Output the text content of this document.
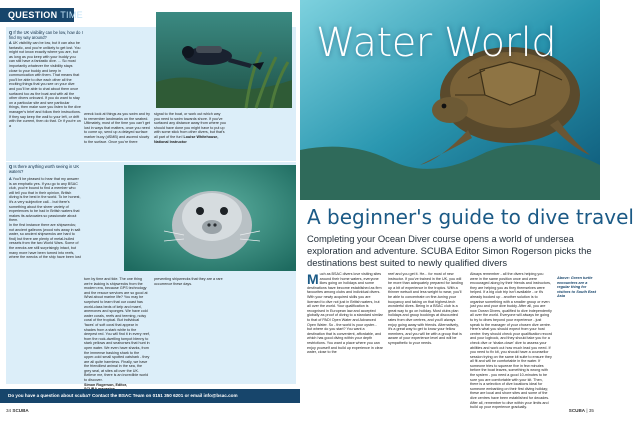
QUESTION TIME
Q If the UK visibility can be low, how do I find my way around?
A UK visibility can be low, but it can also be fantastic, and you're unlikely to get lost. You might not know exactly where you are, but as long as you keep with your buddy you can still have a fantastic dive. ... So most importantly whatever the visibility stays close to your buddy and keep in communication with them. That means that you'll be able to dive each other all the exciting things that you see on your dive and you'll be able to chat about them once surfaced too as the boat and with all the other divers onboard. If you do want to stay on a particular site and see particular things, then make sure you listen to the dive manager's brief and follow their instructions. If they say keep the wall to your left, or drift with the current, then do that. Or if you're on a
wreck look at things as you swim and try to remember landmarks on the seabed. Ultimately, most of the time you can't get lost in ways that matters, once you need to come up, send up a delayed surface marker buoy (dSMB) and ascend slowly to the surface. Once you're there
signal to the boat, or work out which way you need to swim towards shore. If you've surfaced any distance away from where you should have done you might have to put up with some stick from other divers, but that's all part of the fun! Louise Whitehouse, National Instructor
Q Is there anything worth seeing in UK waters?
A You'll be pleased to hear that my answer is an emphatic yes. If you go to any BSAC club, you're bound to find a member who will tell you that in their opinion, British diving is the best in the world. To be honest, it's a very subjective call... but there's something about the sheer variety of experiences to be had in British waters that makes its advocates so passionate about them.
In the first instance there are shipwrecks; not ancient galleons (wood rots away in salt water, so ancient shipwrecks are hard to find) but there are plenty of metal-hulled vessels from the two World Wars. Some of the wrecks are still surprisingly intact, but many more have been turned into reefs, where the wrecks of the ship have been lost
turn by time and tide. The one thing we're lacking is shipwrecks from the modern era, because GPS technology and the rescue services are so good at
What about marine life? You may be surprised to learn that our coast has world-class beds of kelp and maerl, anemones and sponges. We have cold water corals, reefs and teeming, noisy coral of the tropical. But individual 'faces' of soft coral that appear in shades from a stark white to the deepest red. You will find it in every reef, from the rock-dwelling tompot blenny to stark yellows and seahorses that hunt in open water. We even have sharks, from the immense basking shark to the upper-cold small spotted catshark - they are all quite harmless. Finally, we have the friendliest animal in the sea, the grey seal, at sites all over the UK. Believe me, there is an incredible world to discover.
Simon Rogerson, Editor,

preventing shipwrecks that they are a rare occurrence these days.
Do you have a question about scuba? Contact the BSAC Team on 0151 350 6201 or email info@bsac.com
34 SCUBA
Water World
A beginner's guide to dive travel
Completing your Ocean Diver course opens a world of undersea exploration and adventure. SCUBA Editor Simon Rogerson picks the destinations best suited to newly qualified divers
M uch as BSAC divers love visiting sites around their home waters, everyone likes going on holidays and some destinations have become established as firm favourites among clubs and individual divers. With your newly acquired skills you are licensed to dive not just in British waters, but all over the world. Your qualification is recognised in European law and accepted globally as proof of diving to a standard similar to that of PADI Open Water and Advanced Open Water. So - the world is your oyster... but where do you start? You want a destination that is convenient, affordable, and which has good diving within your depth restrictions. You want a place where you can enjoy yourself and build up experience in clear water, close to the
reef and you get it. He... for most of new instructor. If you've trained in the UK, you will be more than adequately prepared for landing up a bit of experience in the tropics. With a thinner wetsuit and less weight to wear, you'll be able to concentrate on fine-tuning your buoyancy and taking on that highest-tech wonderful dives. Being in a BSAC club is a great way to go on holiday. Most clubs plan holidays and group bookings at discounted rates from dive centres, and you'll always enjoy going away with friends. Alternatively, it's a great way to get to know your fellow members, and you will be with a group that is aware of your experience level and will be sympathetic to your needs.
Always remember - all the divers helping you were in the same position once and were encouraged along by their friends and instructors, they are helping you as they themselves were helped. If a big club trip isn't available - or it's already booked up - another solution is to organise something with a smaller group or even just you and your dive buddy. After all, you are now Ocean Divers, qualified to dive independently all over the world. Everyone will always be going to try to dives beyond your experience - just speak to the manager of your chosen dive centre. Here's what you should expect from your host centre: they should check your qualification record and your logbook, and they should take you for a check dive or 'shake-down' dive to assess your abilities and work out how much lead you need. If you need to fix kit, you should have a counsellor session trying on the same kit suite to ensure they all fit and will be comfortable in the water. If someone tries to squeeze five in few minutes before the boat leaves, something is wrong with the system - you need a good 10-minutes to be sure you are comfortable with your kit. Then, there is a selection of dive locations ideal for someone embarking on their first diving holiday; these are local and shore sites and some of the dive centres have been established for decades. After all, remember to dive within your limits and build up your experience gradually.
Above: Green turtle encounters are a regular thing for visitors to South East Asia
SCUBA | 35
